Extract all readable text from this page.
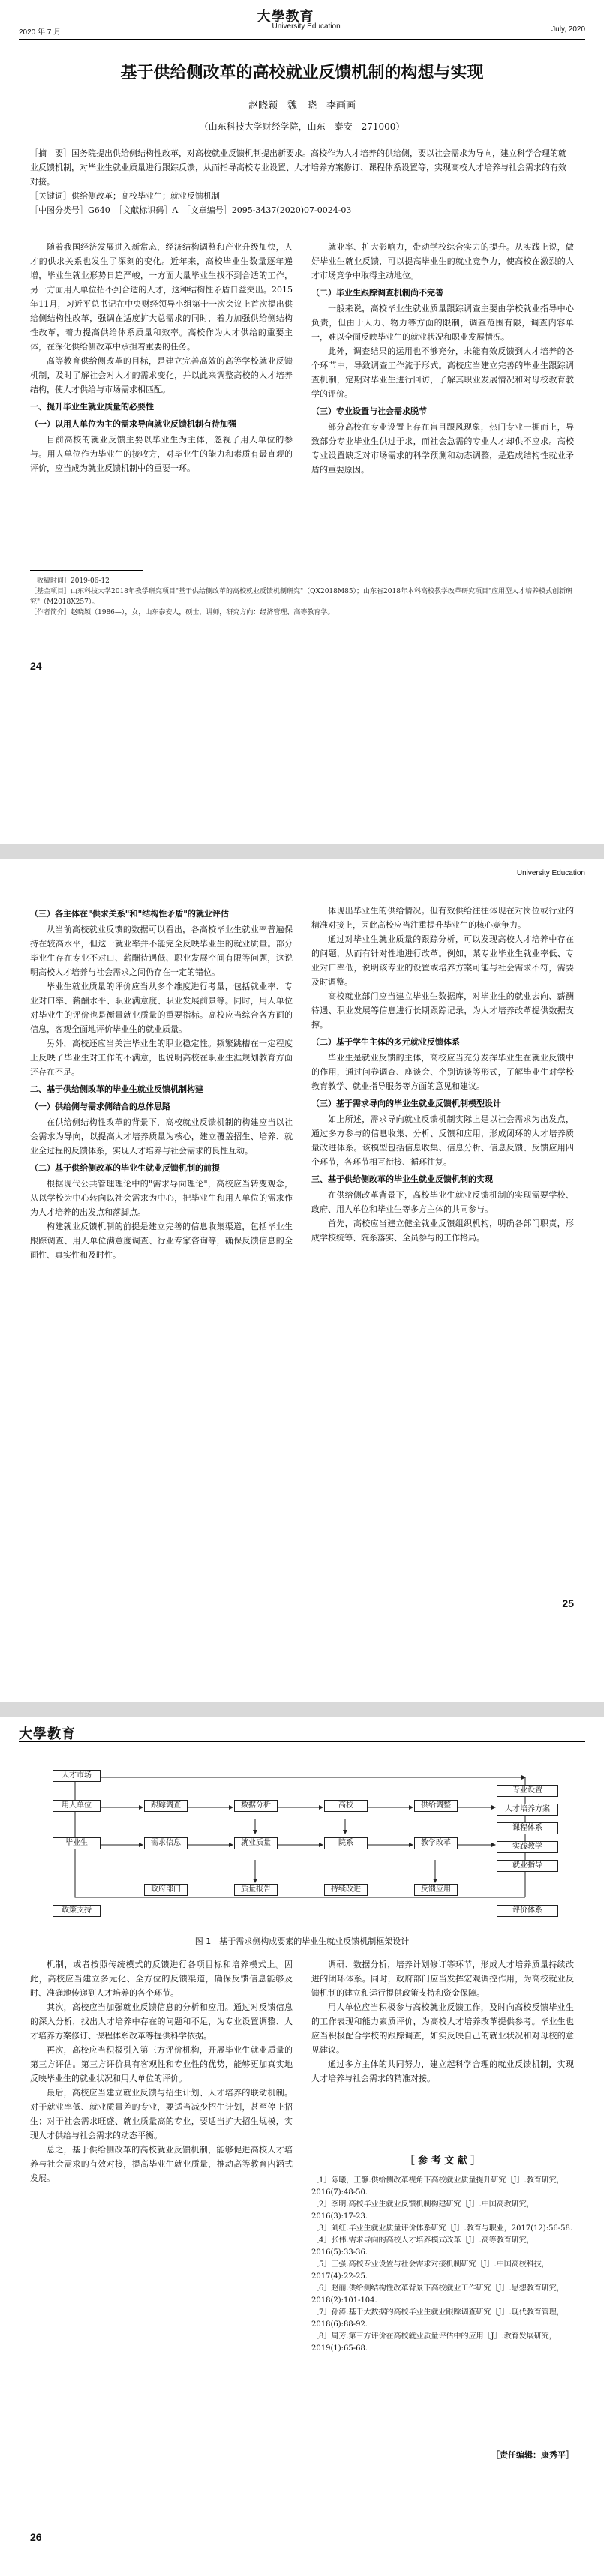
大學教育
University Education
2020 年 7 月	July, 2020
基于供给侧改革的高校就业反馈机制的构想与实现
赵晓颖　魏　晓　李画画
（山东科技大学财经学院，山东　泰安　271000）
［摘　要］国务院提出供给侧结构性改革，对高校就业反馈机制提出新要求。高校作为人才培养的供给侧，要以社会需求为导向，建立科学合理的就业反馈机制，对毕业生就业质量进行跟踪反馈，从而指导高校专业设置、人才培养方案修订、课程体系设置等，实现高校人才培养与社会需求的有效对接。
［关键词］供给侧改革；高校毕业生；就业反馈机制
［中图分类号］G640　［文献标识码］A　［文章编号］2095-3437(2020)07-0024-03

随着我国经济发展进入新常态，经济结构调整和产业升级加快，人才的供求关系也发生了深刻的变化。近年来，高校毕业生数量逐年递增，毕业生就业形势日趋严峻，一方面大量毕业生找不到合适的工作，另一方面用人单位招不到合适的人才，这种结构性矛盾日益突出。2015年11月，习近平总书记在中央财经领导小组第十一次会议上首次提出供给侧结构性改革，强调在适度扩大总需求的同时，着力加强供给侧结构性改革，着力提高供给体系质量和效率。高校作为人才供给的重要主体，在深化供给侧改革中承担着重要的任务。

高等教育供给侧改革的目标，是建立完善高效的高等学校就业反馈机制，及时了解社会对人才的需求变化，并以此来调整高校的人才培养结构，使人才供给与市场需求相匹配。

一、提升毕业生就业质量的必要性

（一）以用人单位为主的需求导向就业反馈机制有待加强

目前高校的就业反馈主要以毕业生为主体，忽视了用人单位的参与。用人单位作为毕业生的接收方，对毕业生的能力和素质有最直观的评价，应当成为就业反馈机制中的重要一环。

就业率、扩大影响力，带动学校综合实力的提升。从实践上说，做好毕业生就业反馈，可以提高毕业生的就业竞争力，使高校在激烈的人才市场竞争中取得主动地位。

（二）毕业生跟踪调查机制尚不完善

一般来说，高校毕业生就业质量跟踪调查主要由学校就业指导中心负责，但由于人力、物力等方面的限制，调查范围有限，调查内容单一，难以全面反映毕业生的就业状况和职业发展情况。

此外，调查结果的运用也不够充分，未能有效反馈到人才培养的各个环节中，导致调查工作流于形式。高校应当建立完善的毕业生跟踪调查机制，定期对毕业生进行回访，了解其职业发展情况和对母校教育教学的评价。

（三）专业设置与社会需求脱节

部分高校在专业设置上存在盲目跟风现象，热门专业一拥而上，导致部分专业毕业生供过于求，而社会急需的专业人才却供不应求。高校专业设置缺乏对市场需求的科学预测和动态调整，是造成结构性就业矛盾的重要原因。

［收稿时间］2019-06-12
［基金项目］山东科技大学2018年教学研究项目"基于供给侧改革的高校就业反馈机制研究"（QX2018M85）；山东省2018年本科高校教学改革研究项目"应用型人才培养模式创新研究"（M2018X257）。
［作者简介］赵晓颖（1986—），女，山东泰安人，硕士，讲师，研究方向：经济管理、高等教育学。
24
University Education

（三）各主体在"供求关系"和"结构性矛盾"的就业评估

从当前高校就业反馈的数据可以看出，各高校毕业生就业率普遍保持在较高水平，但这一就业率并不能完全反映毕业生的就业质量。部分毕业生存在专业不对口、薪酬待遇低、职业发展空间有限等问题，这说明高校人才培养与社会需求之间仍存在一定的错位。

毕业生就业质量的评价应当从多个维度进行考量，包括就业率、专业对口率、薪酬水平、职业满意度、职业发展前景等。同时，用人单位对毕业生的评价也是衡量就业质量的重要指标。高校应当综合各方面的信息，客观全面地评价毕业生的就业质量。

另外，高校还应当关注毕业生的职业稳定性。频繁跳槽在一定程度上反映了毕业生对工作的不满意，也说明高校在职业生涯规划教育方面还存在不足。

二、基于供给侧改革的毕业生就业反馈机制构建

（一）供给侧与需求侧结合的总体思路

在供给侧结构性改革的背景下，高校就业反馈机制的构建应当以社会需求为导向，以提高人才培养质量为核心，建立覆盖招生、培养、就业全过程的反馈体系，实现人才培养与社会需求的良性互动。

（二）基于供给侧改革的毕业生就业反馈机制的前提

根据现代公共管理理论中的"需求导向理论"，高校应当转变观念，从以学校为中心转向以社会需求为中心，把毕业生和用人单位的需求作为人才培养的出发点和落脚点。

构建就业反馈机制的前提是建立完善的信息收集渠道，包括毕业生跟踪调查、用人单位满意度调查、行业专家咨询等，确保反馈信息的全面性、真实性和及时性。

体现出毕业生的供给情况。但有效供给往往体现在对岗位或行业的精准对接上，因此高校应当注重提升毕业生的核心竞争力。

通过对毕业生就业质量的跟踪分析，可以发现高校人才培养中存在的问题，从而有针对性地进行改革。例如，某专业毕业生就业率低、专业对口率低，说明该专业的设置或培养方案可能与社会需求不符，需要及时调整。

高校就业部门应当建立毕业生数据库，对毕业生的就业去向、薪酬待遇、职业发展等信息进行长期跟踪记录，为人才培养改革提供数据支撑。

（二）基于学生主体的多元就业反馈体系

毕业生是就业反馈的主体，高校应当充分发挥毕业生在就业反馈中的作用，通过问卷调查、座谈会、个别访谈等形式，了解毕业生对学校教育教学、就业指导服务等方面的意见和建议。

（三）基于需求导向的毕业生就业反馈机制模型设计

如上所述，需求导向就业反馈机制实际上是以社会需求为出发点，通过多方参与的信息收集、分析、反馈和应用，形成闭环的人才培养质量改进体系。该模型包括信息收集、信息分析、信息反馈、反馈应用四个环节，各环节相互衔接、循环往复。

三、基于供给侧改革的毕业生就业反馈机制的实现

在供给侧改革背景下，高校毕业生就业反馈机制的实现需要学校、政府、用人单位和毕业生等多方主体的共同参与。

首先，高校应当建立健全就业反馈组织机构，明确各部门职责，形成学校统筹、院系落实、全员参与的工作格局。

25
大學教育
用人单位
毕业生
跟踪调查
需求信息
数据分析
就业质量
高校
院系
供给调整
教学改革
专业设置
人才培养方案
课程体系
实践教学
就业指导
质量报告	反馈应用
政府部门	持续改进
人才市场
政策支持	评价体系
图 1　基于需求侧构成要素的毕业生就业反馈机制框架设计

机制，或者按照传统模式的反馈进行各项目标和培养模式上。因此，高校应当建立多元化、全方位的反馈渠道，确保反馈信息能够及时、准确地传递到人才培养的各个环节。

其次，高校应当加强就业反馈信息的分析和应用。通过对反馈信息的深入分析，找出人才培养中存在的问题和不足，为专业设置调整、人才培养方案修订、课程体系改革等提供科学依据。

再次，高校应当积极引入第三方评价机构，开展毕业生就业质量的第三方评估。第三方评价具有客观性和专业性的优势，能够更加真实地反映毕业生的就业状况和用人单位的评价。

最后，高校应当建立就业反馈与招生计划、人才培养的联动机制。对于就业率低、就业质量差的专业，要适当减少招生计划，甚至停止招生；对于社会需求旺盛、就业质量高的专业，要适当扩大招生规模，实现人才供给与社会需求的动态平衡。

总之，基于供给侧改革的高校就业反馈机制，能够促进高校人才培养与社会需求的有效对接，提高毕业生就业质量，推动高等教育内涵式发展。

调研、数据分析，培养计划修订等环节，形成人才培养质量持续改进的闭环体系。同时，政府部门应当发挥宏观调控作用，为高校就业反馈机制的建立和运行提供政策支持和资金保障。

用人单位应当积极参与高校就业反馈工作，及时向高校反馈毕业生的工作表现和能力素质评价，为高校人才培养改革提供参考。毕业生也应当积极配合学校的跟踪调查，如实反映自己的就业状况和对母校的意见建议。

通过多方主体的共同努力，建立起科学合理的就业反馈机制，实现人才培养与社会需求的精准对接。

［ 参 考 文 献 ］
［1］陈曦，王静.供给侧改革视角下高校就业质量提升研究［J］.教育研究，2016(7):48-50.
［2］李明.高校毕业生就业反馈机制构建研究［J］.中国高教研究，2016(3):17-23.
［3］刘红.毕业生就业质量评价体系研究［J］.教育与职业，2017(12):56-58.
［4］张伟.需求导向的高校人才培养模式改革［J］.高等教育研究，2016(5):33-36.
［5］王强.高校专业设置与社会需求对接机制研究［J］.中国高校科技，2017(4):22-25.
［6］赵丽.供给侧结构性改革背景下高校就业工作研究［J］.思想教育研究，2018(2):101-104.
［7］孙涛.基于大数据的高校毕业生就业跟踪调查研究［J］.现代教育管理，2018(6):88-92.
［8］周芳.第三方评价在高校就业质量评估中的应用［J］.教育发展研究，2019(1):65-68.
［责任编辑：康秀平］
26
